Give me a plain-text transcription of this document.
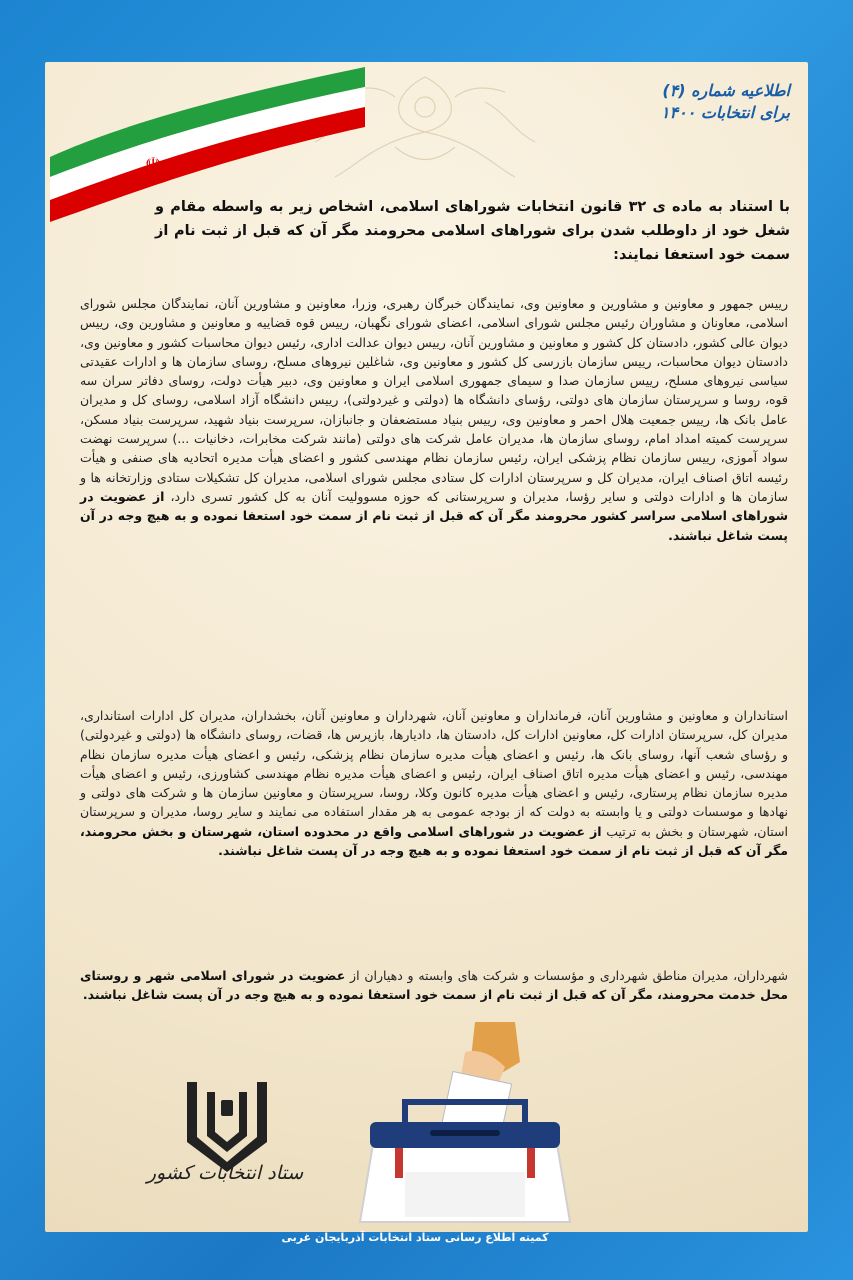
☫
اطلاعیه شماره (۴)
برای انتخابات ۱۴۰۰
با استناد به ماده ی ۳۲ قانون انتخابات شوراهای اسلامی، اشخاص زیر به واسطه مقام و شغل خود از داوطلب شدن برای شوراهای اسلامی محرومند مگر آن که قبل از ثبت نام از سمت خود استعفا نمایند:
رییس جمهور و معاونین و مشاورین و معاونین وی، نمایندگان خبرگان رهبری، وزرا، معاونین و مشاورین آنان، نمایندگان مجلس شورای اسلامی، معاونان و مشاوران رئیس مجلس شورای اسلامی، اعضای شورای نگهبان، رییس قوه قضاییه و معاونین و مشاورین وی، رییس دیوان عالی کشور، دادستان کل کشور و معاونین و مشاورین آنان، رییس دیوان عدالت اداری، رئیس دیوان محاسبات کشور و معاونین وی، دادستان دیوان محاسبات، رییس سازمان بازرسی کل کشور و معاونین وی، شاغلین نیروهای مسلح، روسای سازمان ها و ادارات عقیدتی سیاسی نیروهای مسلح، رییس سازمان صدا و سیمای جمهوری اسلامی ایران و معاونین وی، دبیر هیأت دولت، روسای دفاتر سران سه قوه، روسا و سرپرستان سازمان های دولتی، رؤسای دانشگاه ها (دولتی و غیردولتی)، رییس دانشگاه آزاد اسلامی، روسای کل و مدیران عامل بانک ها، رییس جمعیت هلال احمر و معاونین وی، رییس بنیاد مستضعفان و جانبازان، سرپرست بنیاد شهید، سرپرست بنیاد مسکن، سرپرست کمیته امداد امام، روسای سازمان ها، مدیران عامل شرکت های دولتی (مانند شرکت مخابرات، دخانیات ...) سرپرست نهضت سواد آموزی، رییس سازمان نظام پزشکی ایران، رئیس سازمان نظام مهندسی کشور و اعضای هیأت مدیره اتحادیه های صنفی و هیأت رئیسه اتاق اصناف ایران، مدیران کل و سرپرستان ادارات کل ستادی مجلس شورای اسلامی، مدیران کل تشکیلات ستادی وزارتخانه ها و سازمان ها و ادارات دولتی و سایر رؤسا، مدیران و سرپرستانی که حوزه مسوولیت آنان به کل کشور تسری دارد، از عضویت در شوراهای اسلامی سراسر کشور محرومند مگر آن که قبل از ثبت نام از سمت خود استعفا نموده و به هیچ وجه در آن پست شاغل نباشند.
استانداران و معاونین و مشاورین آنان، فرمانداران و معاونین آنان، شهرداران و معاونین آنان، بخشداران، مدیران کل ادارات استانداری، مدیران کل، سرپرستان ادارات کل، معاونین ادارات کل، دادستان ها، دادیارها، بازپرس ها، قضات، روسای دانشگاه ها (دولتی و غیردولتی) و رؤسای شعب آنها، روسای بانک ها، رئیس و اعضای هیأت مدیره سازمان نظام پزشکی، رئیس و اعضای هیأت مدیره سازمان نظام مهندسی، رئیس و اعضای هیأت مدیره اتاق اصناف ایران، رئیس و اعضای هیأت مدیره نظام مهندسی کشاورزی، رئیس و اعضای هیأت مدیره سازمان نظام پرستاری، رئیس و اعضای هیأت مدیره کانون وکلا، روسا، سرپرستان و معاونین سازمان ها و شرکت های دولتی و نهادها و موسسات دولتی و یا وابسته به دولت که از بودجه عمومی به هر مقدار استفاده می نمایند و سایر روسا، مدیران و سرپرستان استان، شهرستان و بخش به ترتیب از عضویت در شوراهای اسلامی واقع در محدوده استان، شهرستان و بخش محرومند، مگر آن که قبل از ثبت نام از سمت خود استعفا نموده و به هیچ وجه در آن پست شاغل نباشند.
شهرداران، مدیران مناطق شهرداری و مؤسسات و شرکت های وابسته و دهیاران از عضویت در شورای اسلامی شهر و روستای محل خدمت محرومند، مگر آن که قبل از ثبت نام از سمت خود استعفا نموده و به هیچ وجه در آن پست شاغل نباشند.
ستاد انتخابات کشور
کمیته اطلاع رسانی ستاد انتخابات آذربایجان غربی
